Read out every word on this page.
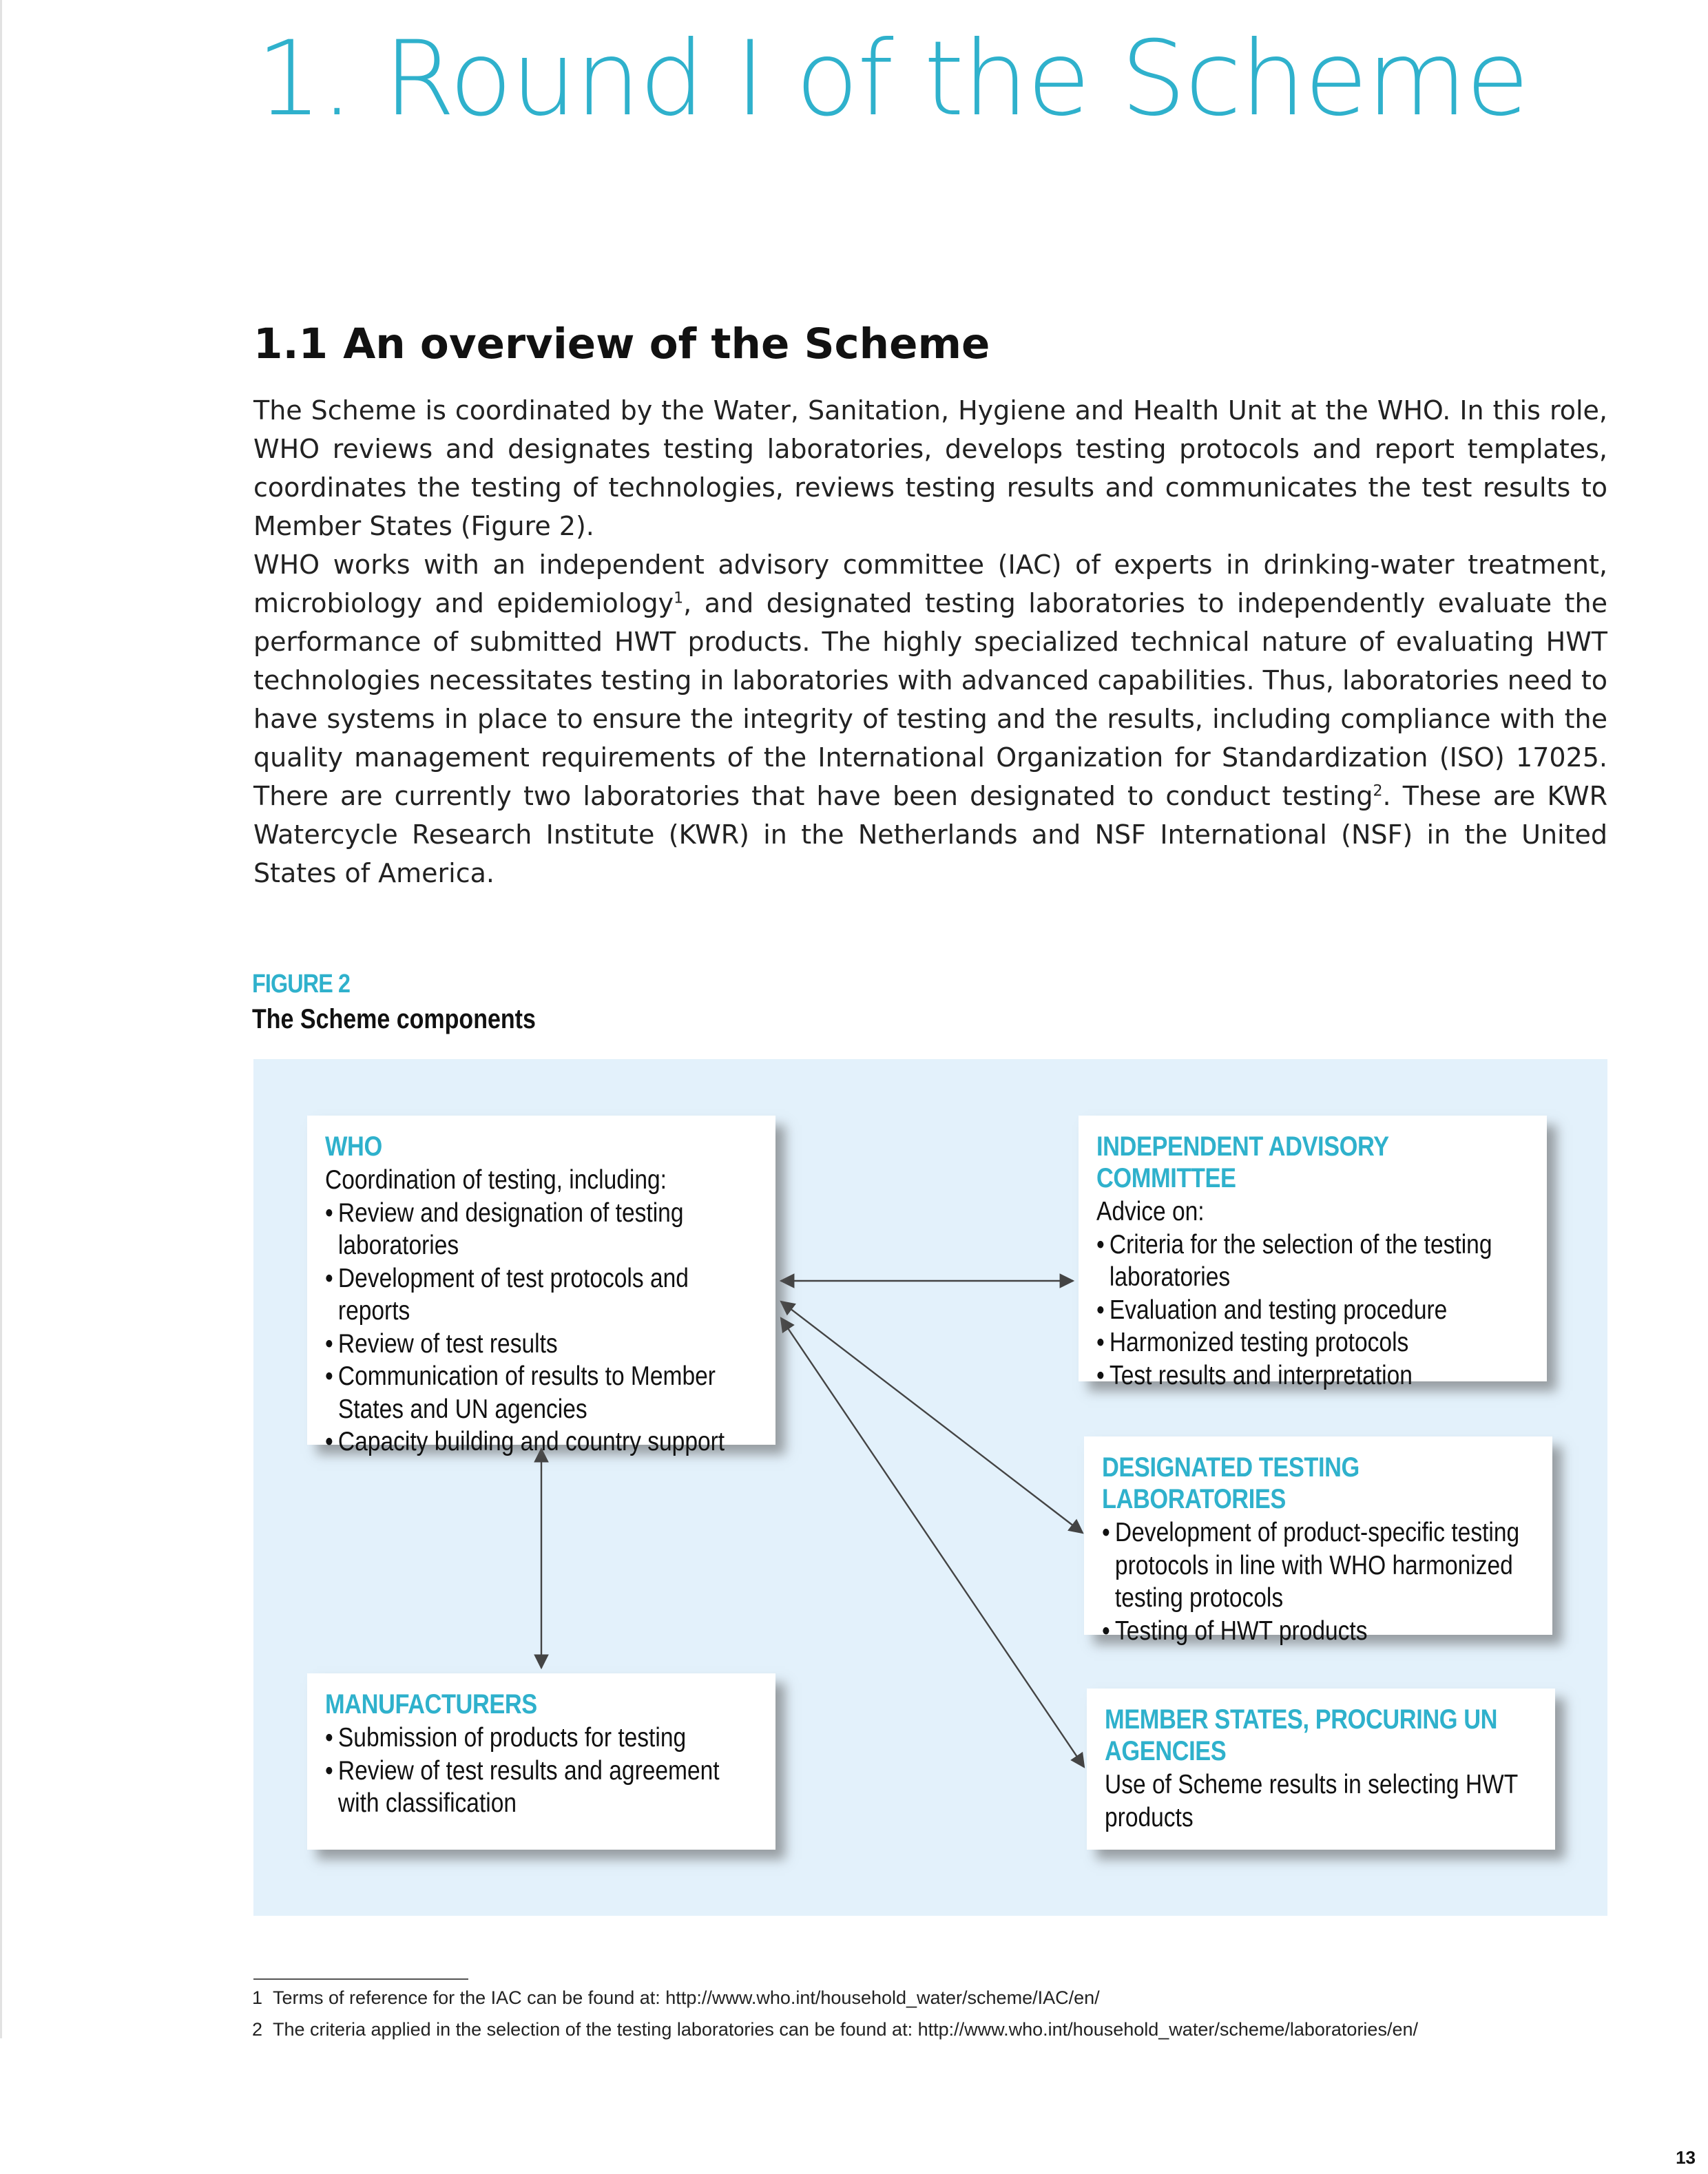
1. Round I of the Scheme
1.1 An overview of the Scheme

The Scheme is coordinated by the Water, Sanitation, Hygiene and Health Unit at the WHO. In this role, WHO reviews and designates testing laboratories, develops testing protocols and report templates, coordinates the testing of technologies, reviews testing results and communicates the test results to Member States (Figure 2).

WHO works with an independent advisory committee (IAC) of experts in drinking-water treatment, microbiology and epidemiology$^1$, and designated testing laboratories to independently evaluate the performance of submitted HWT products. The highly specialized technical nature of evaluating HWT technologies necessitates testing in laboratories with advanced capabilities. Thus, laboratories need to have systems in place to ensure the integrity of testing and the results, including compliance with the quality management requirements of the International Organization for Standardization (ISO) 17025. There are currently two laboratories that have been designated to conduct testing$^2$. These are KWR Watercycle Research Institute (KWR) in the Netherlands and NSF International (NSF) in the United States of America.

FIGURE 2
The Scheme components
WHO

Coordination of testing, including:

• Review and designation of testing laboratories
• Development of test protocols and reports
• Review of test results
• Communication of results to Member States and UN agencies
• Capacity building and country support
INDEPENDENT ADVISORY COMMITTEE

Advice on:

• Criteria for the selection of the testing laboratories
• Evaluation and testing procedure
• Harmonized testing protocols
• Test results and interpretation
DESIGNATED TESTING LABORATORIES
• Development of product-specific testing protocols in line with WHO harmonized testing protocols
• Testing of HWT products
MANUFACTURERS
• Submission of products for testing
• Review of test results and agreement with classification
MEMBER STATES, PROCURING UN AGENCIES

Use of Scheme results in selecting HWT products

1 Terms of reference for the IAC can be found at: http://www.who.int/household_water/scheme/IAC/en/
2 The criteria applied in the selection of the testing laboratories can be found at: http://www.who.int/household_water/scheme/laboratories/en/
13
